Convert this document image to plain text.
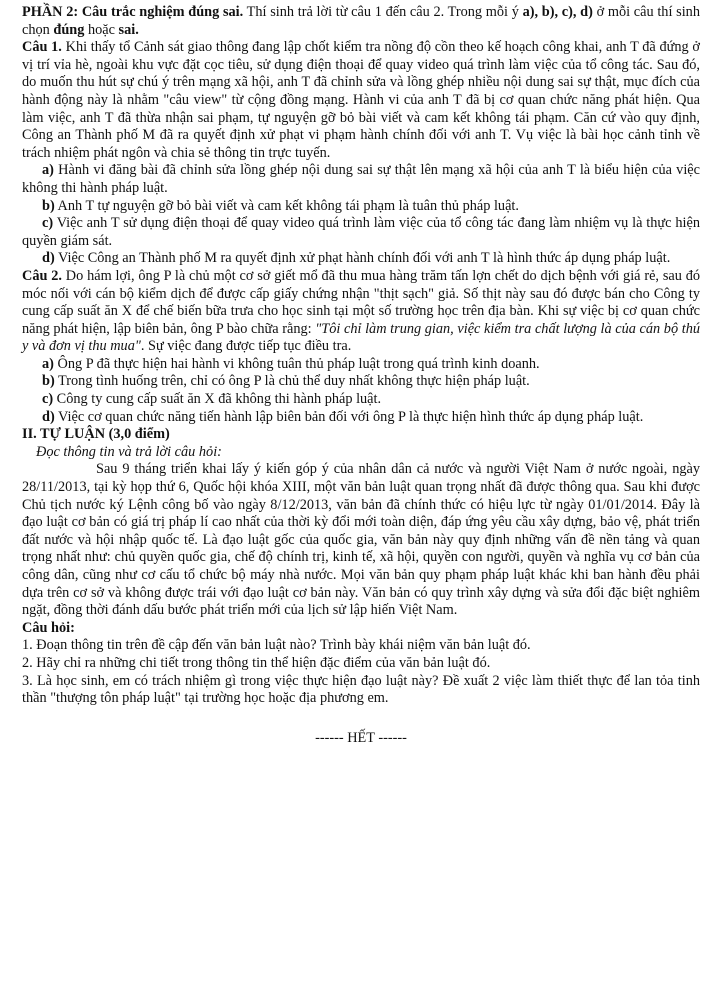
PHẦN 2: Câu trắc nghiệm đúng sai. Thí sinh trả lời từ câu 1 đến câu 2. Trong mỗi ý a), b), c), d) ở mỗi câu thí sinh chọn đúng hoặc sai.

Câu 1. Khi thấy tổ Cảnh sát giao thông đang lập chốt kiểm tra nồng độ cồn theo kế hoạch công khai, anh T đã đứng ở vị trí vỉa hè, ngoài khu vực đặt cọc tiêu, sử dụng điện thoại để quay video quá trình làm việc của tổ công tác. Sau đó, do muốn thu hút sự chú ý trên mạng xã hội, anh T đã chỉnh sửa và lồng ghép nhiều nội dung sai sự thật, mục đích của hành động này là nhằm "câu view" từ cộng đồng mạng. Hành vi của anh T đã bị cơ quan chức năng phát hiện. Qua làm việc, anh T đã thừa nhận sai phạm, tự nguyện gỡ bỏ bài viết và cam kết không tái phạm. Căn cứ vào quy định, Công an Thành phố M đã ra quyết định xử phạt vi phạm hành chính đối với anh T. Vụ việc là bài học cảnh tỉnh về trách nhiệm phát ngôn và chia sẻ thông tin trực tuyến.

a) Hành vi đăng bài đã chỉnh sửa lồng ghép nội dung sai sự thật lên mạng xã hội của anh T là biểu hiện của việc không thi hành pháp luật.

b) Anh T tự nguyện gỡ bỏ bài viết và cam kết không tái phạm là tuân thủ pháp luật.

c) Việc anh T sử dụng điện thoại để quay video quá trình làm việc của tổ công tác đang làm nhiệm vụ là thực hiện quyền giám sát.

d) Việc Công an Thành phố M ra quyết định xử phạt hành chính đối với anh T là hình thức áp dụng pháp luật.

Câu 2. Do hám lợi, ông P là chủ một cơ sở giết mổ đã thu mua hàng trăm tấn lợn chết do dịch bệnh với giá rẻ, sau đó móc nối với cán bộ kiểm dịch để được cấp giấy chứng nhận "thịt sạch" giả. Số thịt này sau đó được bán cho Công ty cung cấp suất ăn X để chế biến bữa trưa cho học sinh tại một số trường học trên địa bàn. Khi sự việc bị cơ quan chức năng phát hiện, lập biên bản, ông P bào chữa rằng: "Tôi chỉ làm trung gian, việc kiểm tra chất lượng là của cán bộ thú y và đơn vị thu mua". Sự việc đang được tiếp tục điều tra.

a) Ông P đã thực hiện hai hành vi không tuân thủ pháp luật trong quá trình kinh doanh.

b) Trong tình huống trên, chỉ có ông P là chủ thể duy nhất không thực hiện pháp luật.

c) Công ty cung cấp suất ăn X đã không thi hành pháp luật.

d) Việc cơ quan chức năng tiến hành lập biên bản đối với ông P là thực hiện hình thức áp dụng pháp luật.

II. TỰ LUẬN (3,0 điểm)

Đọc thông tin và trả lời câu hỏi:

Sau 9 tháng triển khai lấy ý kiến góp ý của nhân dân cả nước và người Việt Nam ở nước ngoài, ngày 28/11/2013, tại kỳ họp thứ 6, Quốc hội khóa XIII, một văn bản luật quan trọng nhất đã được thông qua. Sau khi được Chủ tịch nước ký Lệnh công bố vào ngày 8/12/2013, văn bản đã chính thức có hiệu lực từ ngày 01/01/2014. Đây là đạo luật cơ bản có giá trị pháp lí cao nhất của thời kỳ đổi mới toàn diện, đáp ứng yêu cầu xây dựng, bảo vệ, phát triển đất nước và hội nhập quốc tế. Là đạo luật gốc của quốc gia, văn bản này quy định những vấn đề nền tảng và quan trọng nhất như: chủ quyền quốc gia, chế độ chính trị, kinh tế, xã hội, quyền con người, quyền và nghĩa vụ cơ bản của công dân, cũng như cơ cấu tổ chức bộ máy nhà nước. Mọi văn bản quy phạm pháp luật khác khi ban hành đều phải dựa trên cơ sở và không được trái với đạo luật cơ bản này. Văn bản có quy trình xây dựng và sửa đổi đặc biệt nghiêm ngặt, đồng thời đánh dấu bước phát triển mới của lịch sử lập hiến Việt Nam.

Câu hỏi:

1. Đoạn thông tin trên đề cập đến văn bản luật nào? Trình bày khái niệm văn bản luật đó.

2. Hãy chỉ ra những chi tiết trong thông tin thể hiện đặc điểm của văn bản luật đó.

3. Là học sinh, em có trách nhiệm gì trong việc thực hiện đạo luật này? Đề xuất 2 việc làm thiết thực để lan tỏa tinh thần "thượng tôn pháp luật" tại trường học hoặc địa phương em.

------ HẾT ------
